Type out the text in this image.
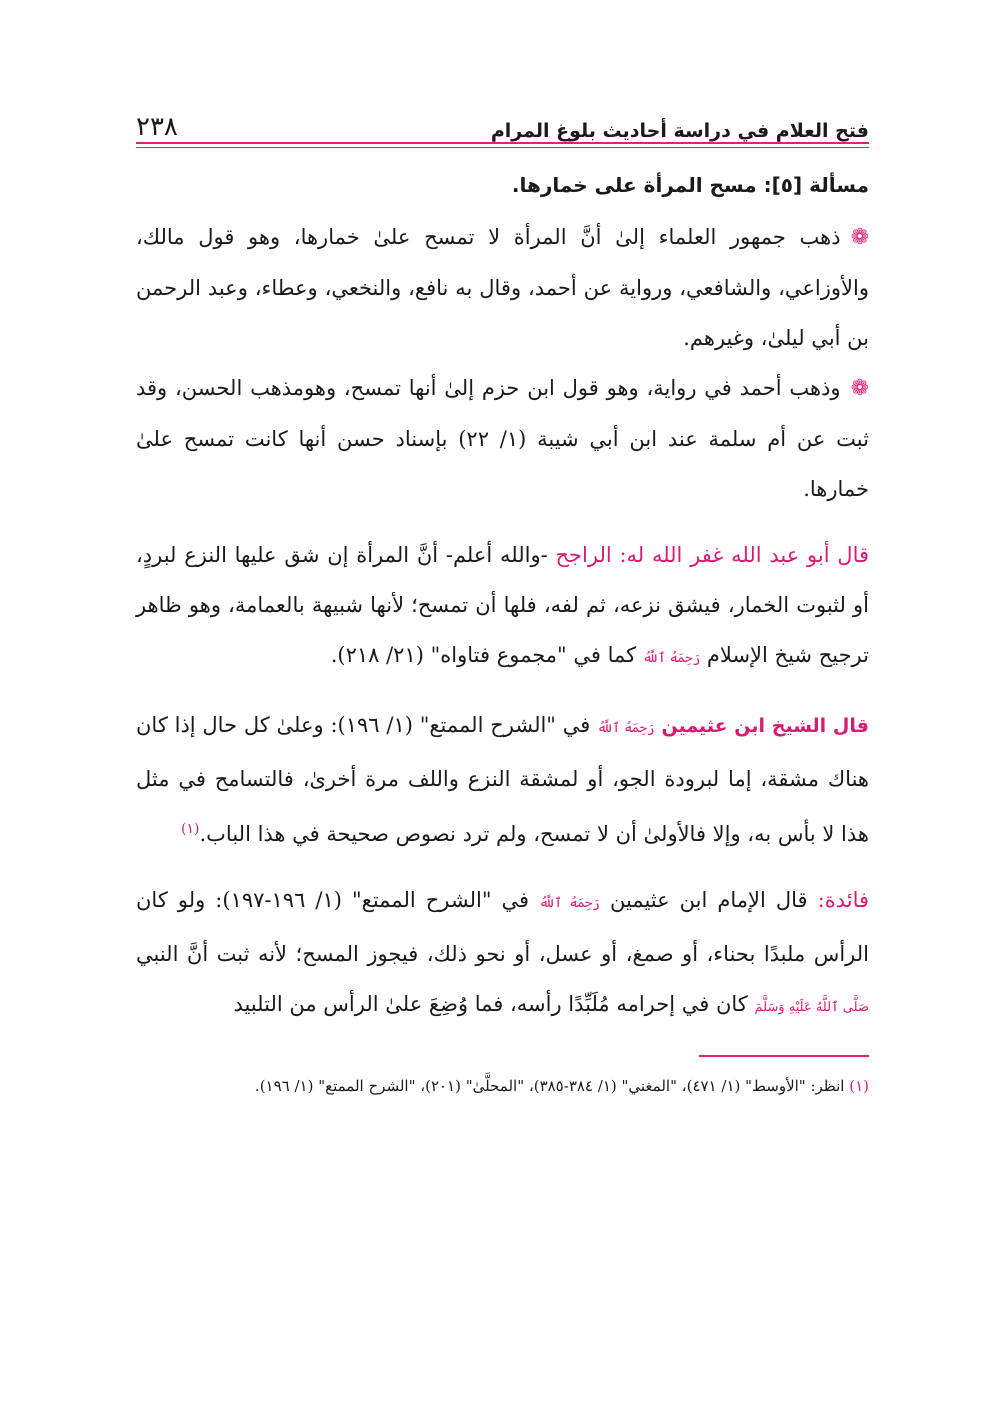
فتح العلام في دراسة أحاديث بلوغ المرام
٢٣٨
مسألة [٥]: مسح المرأة على خمارها.

❁ذهب جمهور العلماء إلىٰ أنَّ المرأة لا تمسح علىٰ خمارها، وهو قول مالك، والأوزاعي، والشافعي، ورواية عن أحمد، وقال به نافع، والنخعي، وعطاء، وعبد الرحمن بن أبي ليلىٰ، وغيرهم.

❁وذهب أحمد في رواية، وهو قول ابن حزم إلىٰ أنها تمسح، وهومذهب الحسن، وقد ثبت عن أم سلمة عند ابن أبي شيبة (١/ ٢٢) بإسناد حسن أنها كانت تمسح علىٰ خمارها.

قال أبو عبد الله غفر الله له: الراجح -والله أعلم- أنَّ المرأة إن شق عليها النزع لبردٍ، أو لثبوت الخمار، فيشق نزعه، ثم لفه، فلها أن تمسح؛ لأنها شبيهة بالعمامة، وهو ظاهر ترجيح شيخ الإسلام رَحِمَهُ ٱللَّهُ كما في "مجموع فتاواه" (٢١/ ٢١٨).

قال الشيخ ابن عثيمين رَحِمَهُ ٱللَّهُ في "الشرح الممتع" (١/ ١٩٦): وعلىٰ كل حال إذا كان هناك مشقة، إما لبرودة الجو، أو لمشقة النزع واللف مرة أخرىٰ، فالتسامح في مثل هذا لا بأس به، وإلا فالأولىٰ أن لا تمسح، ولم ترد نصوص صحيحة في هذا الباب.$^{(١)}$

فائدة: قال الإمام ابن عثيمين رَحِمَهُ ٱللَّهُ في "الشرح الممتع" (١/ ١٩٦-١٩٧): ولو كان الرأس ملبدًا بحناء، أو صمغ، أو عسل، أو نحو ذلك، فيجوز المسح؛ لأنه ثبت أنَّ النبي صَلَّى ٱللَّهُ عَلَيْهِ وَسَلَّمَ كان في إحرامه مُلَبِّدًا رأسه، فما وُضِعَ علىٰ الرأس من التلبيد

(١) انظر: "الأوسط" (١/ ٤٧١)، "المغني" (١/ ٣٨٤-٣٨٥)، "المحلَّىٰ" (٢٠١)، "الشرح الممتع" (١/ ١٩٦).
